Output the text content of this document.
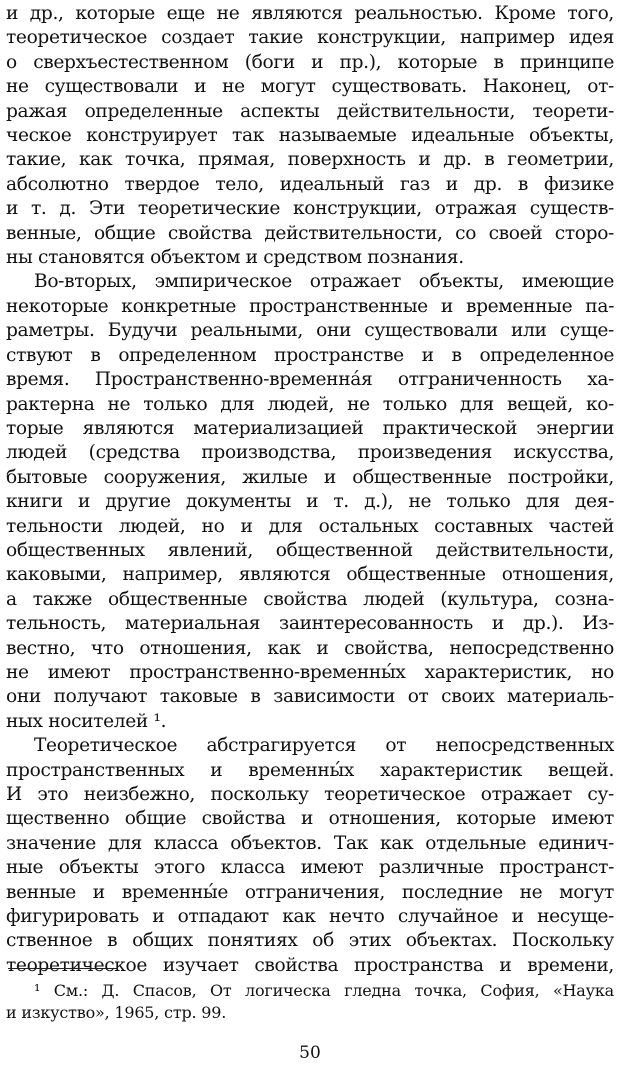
и др., которые еще не являются реальностью. Кроме того,
теоретическое создает такие конструкции, например идея
о сверхъестественном (боги и пр.), которые в принципе
не существовали и не могут существовать. Наконец, от-
ражая определенные аспекты действительности, теорети-
ческое конструирует так называемые идеальные объекты,
такие, как точка, прямая, поверхность и др. в геометрии,
абсолютно твердое тело, идеальный газ и др. в физике
и т. д. Эти теоретические конструкции, отражая существ-
венные, общие свойства действительности, со своей сторо-
ны становятся объектом и средством познания.
Во-вторых, эмпирическое отражает объекты, имеющие
некоторые конкретные пространственные и временные па-
раметры. Будучи реальными, они существовали или суще-
ствуют в определенном пространстве и в определенное
время. Пространственно-временна́я отграниченность ха-
рактерна не только для людей, не только для вещей, ко-
торые являются материализацией практической энергии
людей (средства производства, произведения искусства,
бытовые сооружения, жилые и общественные постройки,
книги и другие документы и т. д.), не только для дея-
тельности людей, но и для остальных составных частей
общественных явлений, общественной действительности,
каковыми, например, являются общественные отношения,
а также общественные свойства людей (культура, созна-
тельность, материальная заинтересованность и др.). Из-
вестно, что отношения, как и свойства, непосредственно
не имеют пространственно-временны́х характеристик, но
они получают таковые в зависимости от своих материаль-
ных носителей ¹.
Теоретическое абстрагируется от непосредственных
пространственных и временны́х характеристик вещей.
И это неизбежно, поскольку теоретическое отражает су-
щественно общие свойства и отношения, которые имеют
значение для класса объектов. Так как отдельные единич-
ные объекты этого класса имеют различные пространст-
венные и временны́е отграничения, последние не могут
фигурировать и отпадают как нечто случайное и несуще-
ственное в общих понятиях об этих объектах. Поскольку
теоретическое изучает свойства пространства и времени,
¹ См.: Д. Спасов, От логическа гледна точка, София, «Наука
и изкуство», 1965, стр. 99.
50
